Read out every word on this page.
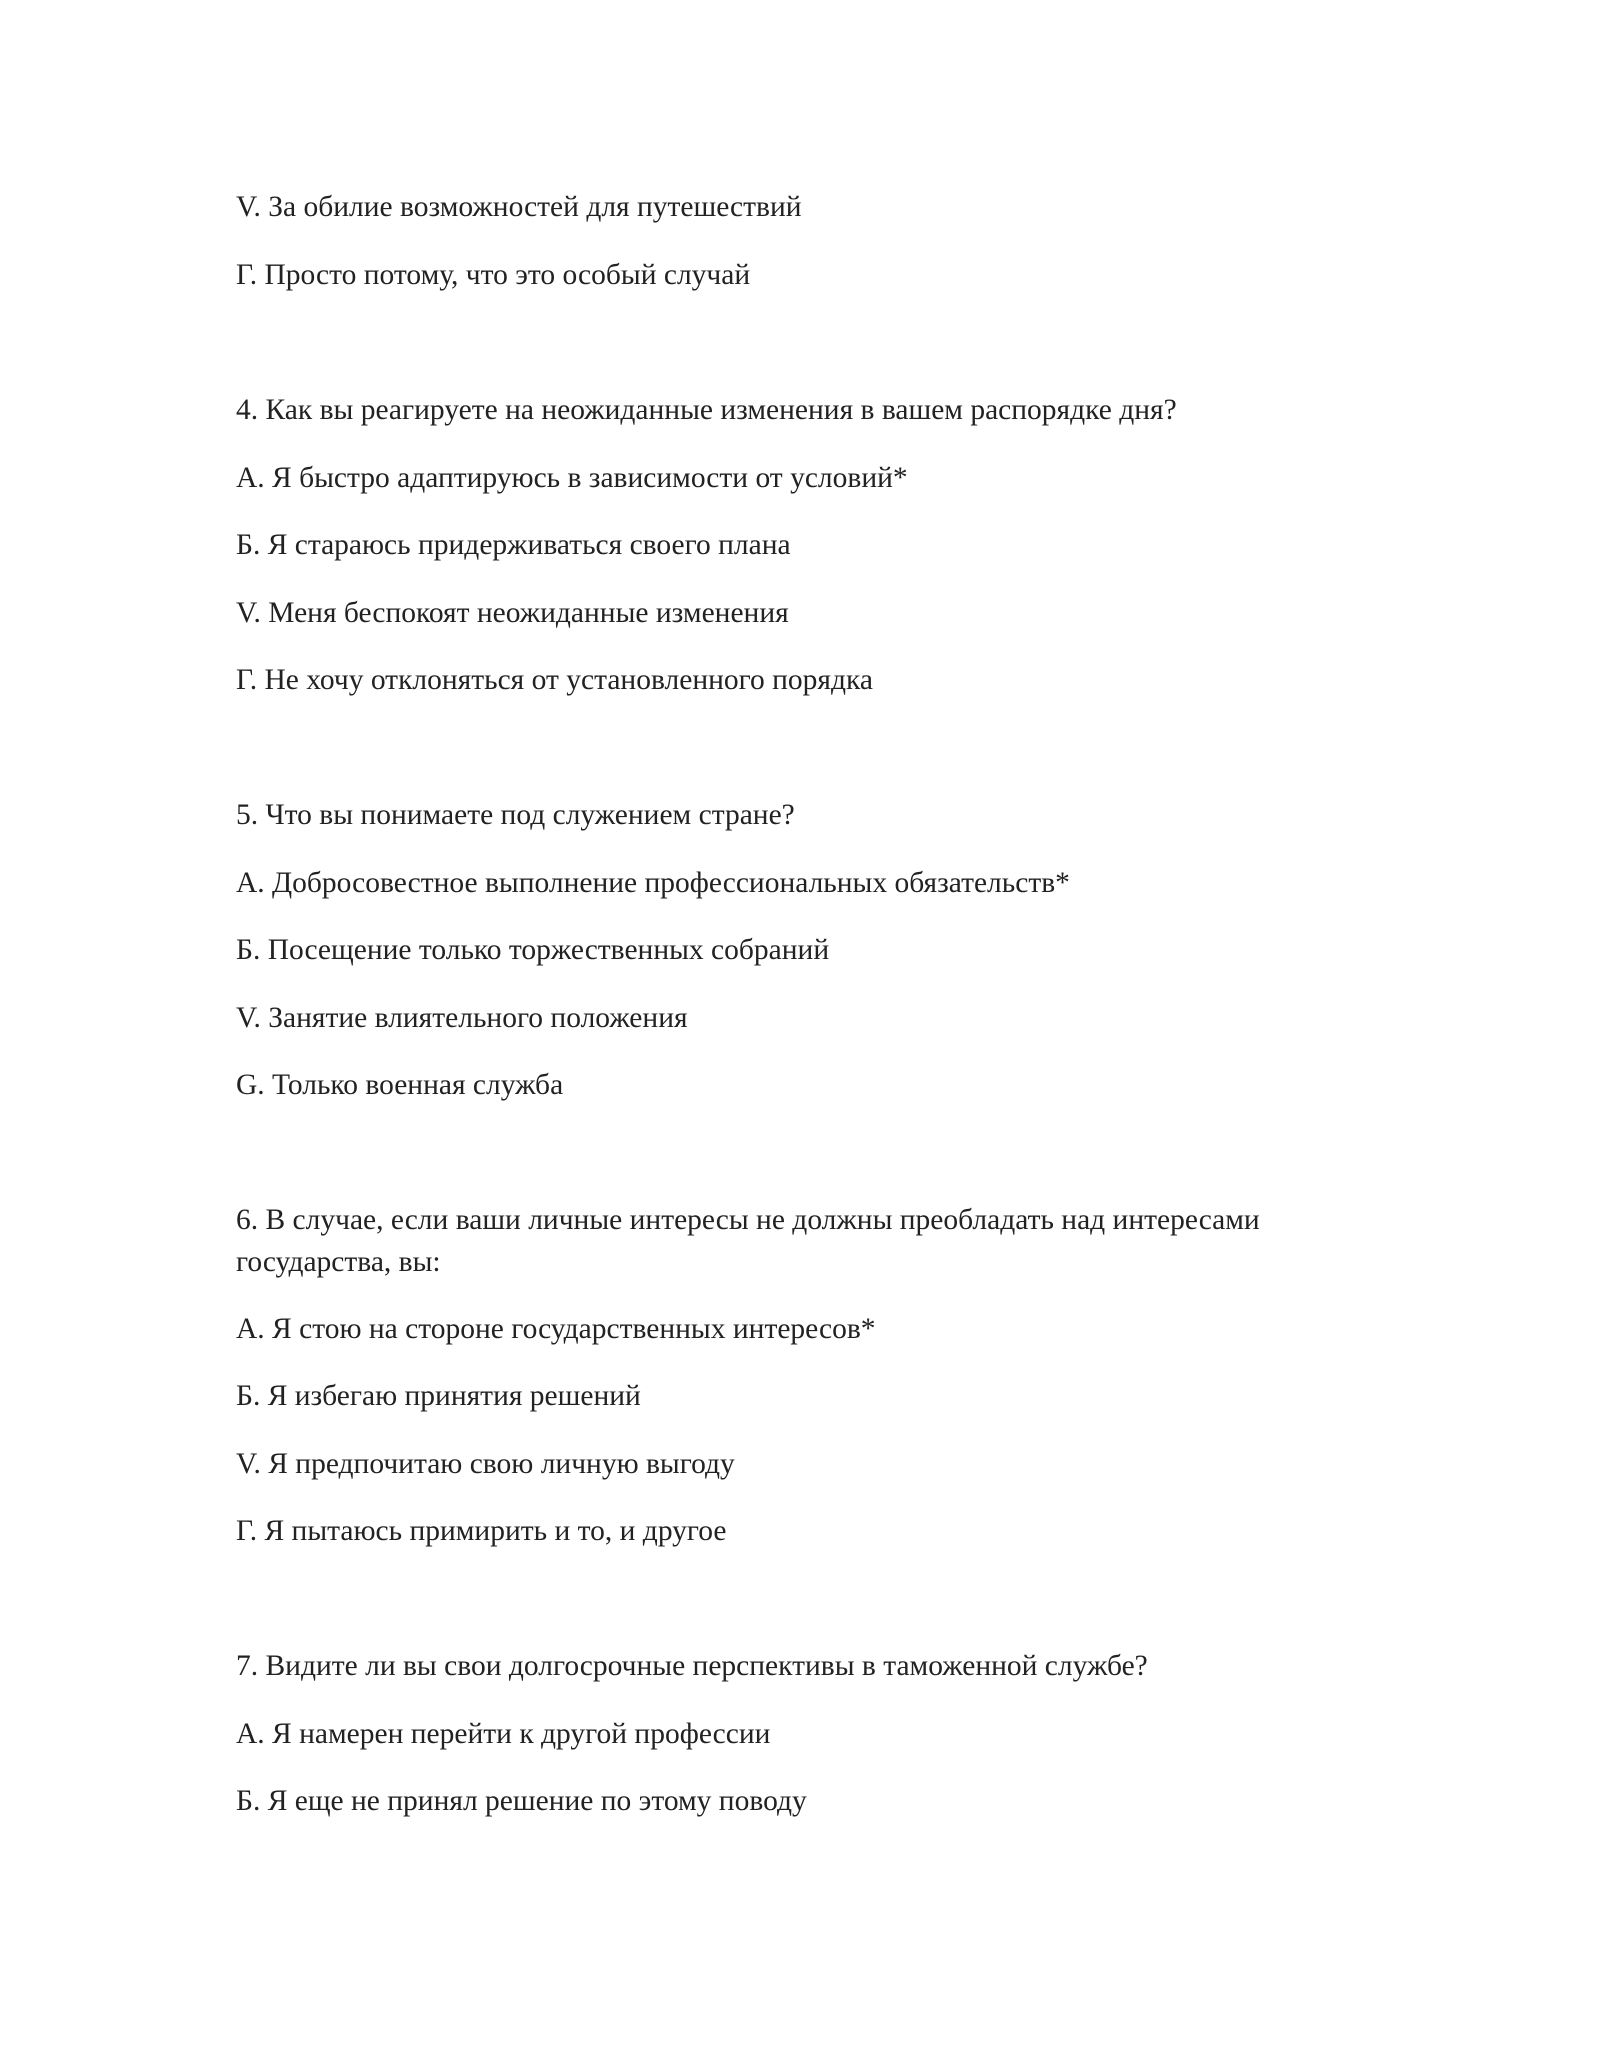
V. За обилие возможностей для путешествий
Г. Просто потому, что это особый случай
4. Как вы реагируете на неожиданные изменения в вашем распорядке дня?
А. Я быстро адаптируюсь в зависимости от условий*
Б. Я стараюсь придерживаться своего плана
V. Меня беспокоят неожиданные изменения
Г. Не хочу отклоняться от установленного порядка
5. Что вы понимаете под служением стране?
А. Добросовестное выполнение профессиональных обязательств*
Б. Посещение только торжественных собраний
V. Занятие влиятельного положения
G. Только военная служба
6. В случае, если ваши личные интересы не должны преобладать над интересами государства, вы:
А. Я стою на стороне государственных интересов*
Б. Я избегаю принятия решений
V. Я предпочитаю свою личную выгоду
Г. Я пытаюсь примирить и то, и другое
7. Видите ли вы свои долгосрочные перспективы в таможенной службе?
А. Я намерен перейти к другой профессии
Б. Я еще не принял решение по этому поводу
